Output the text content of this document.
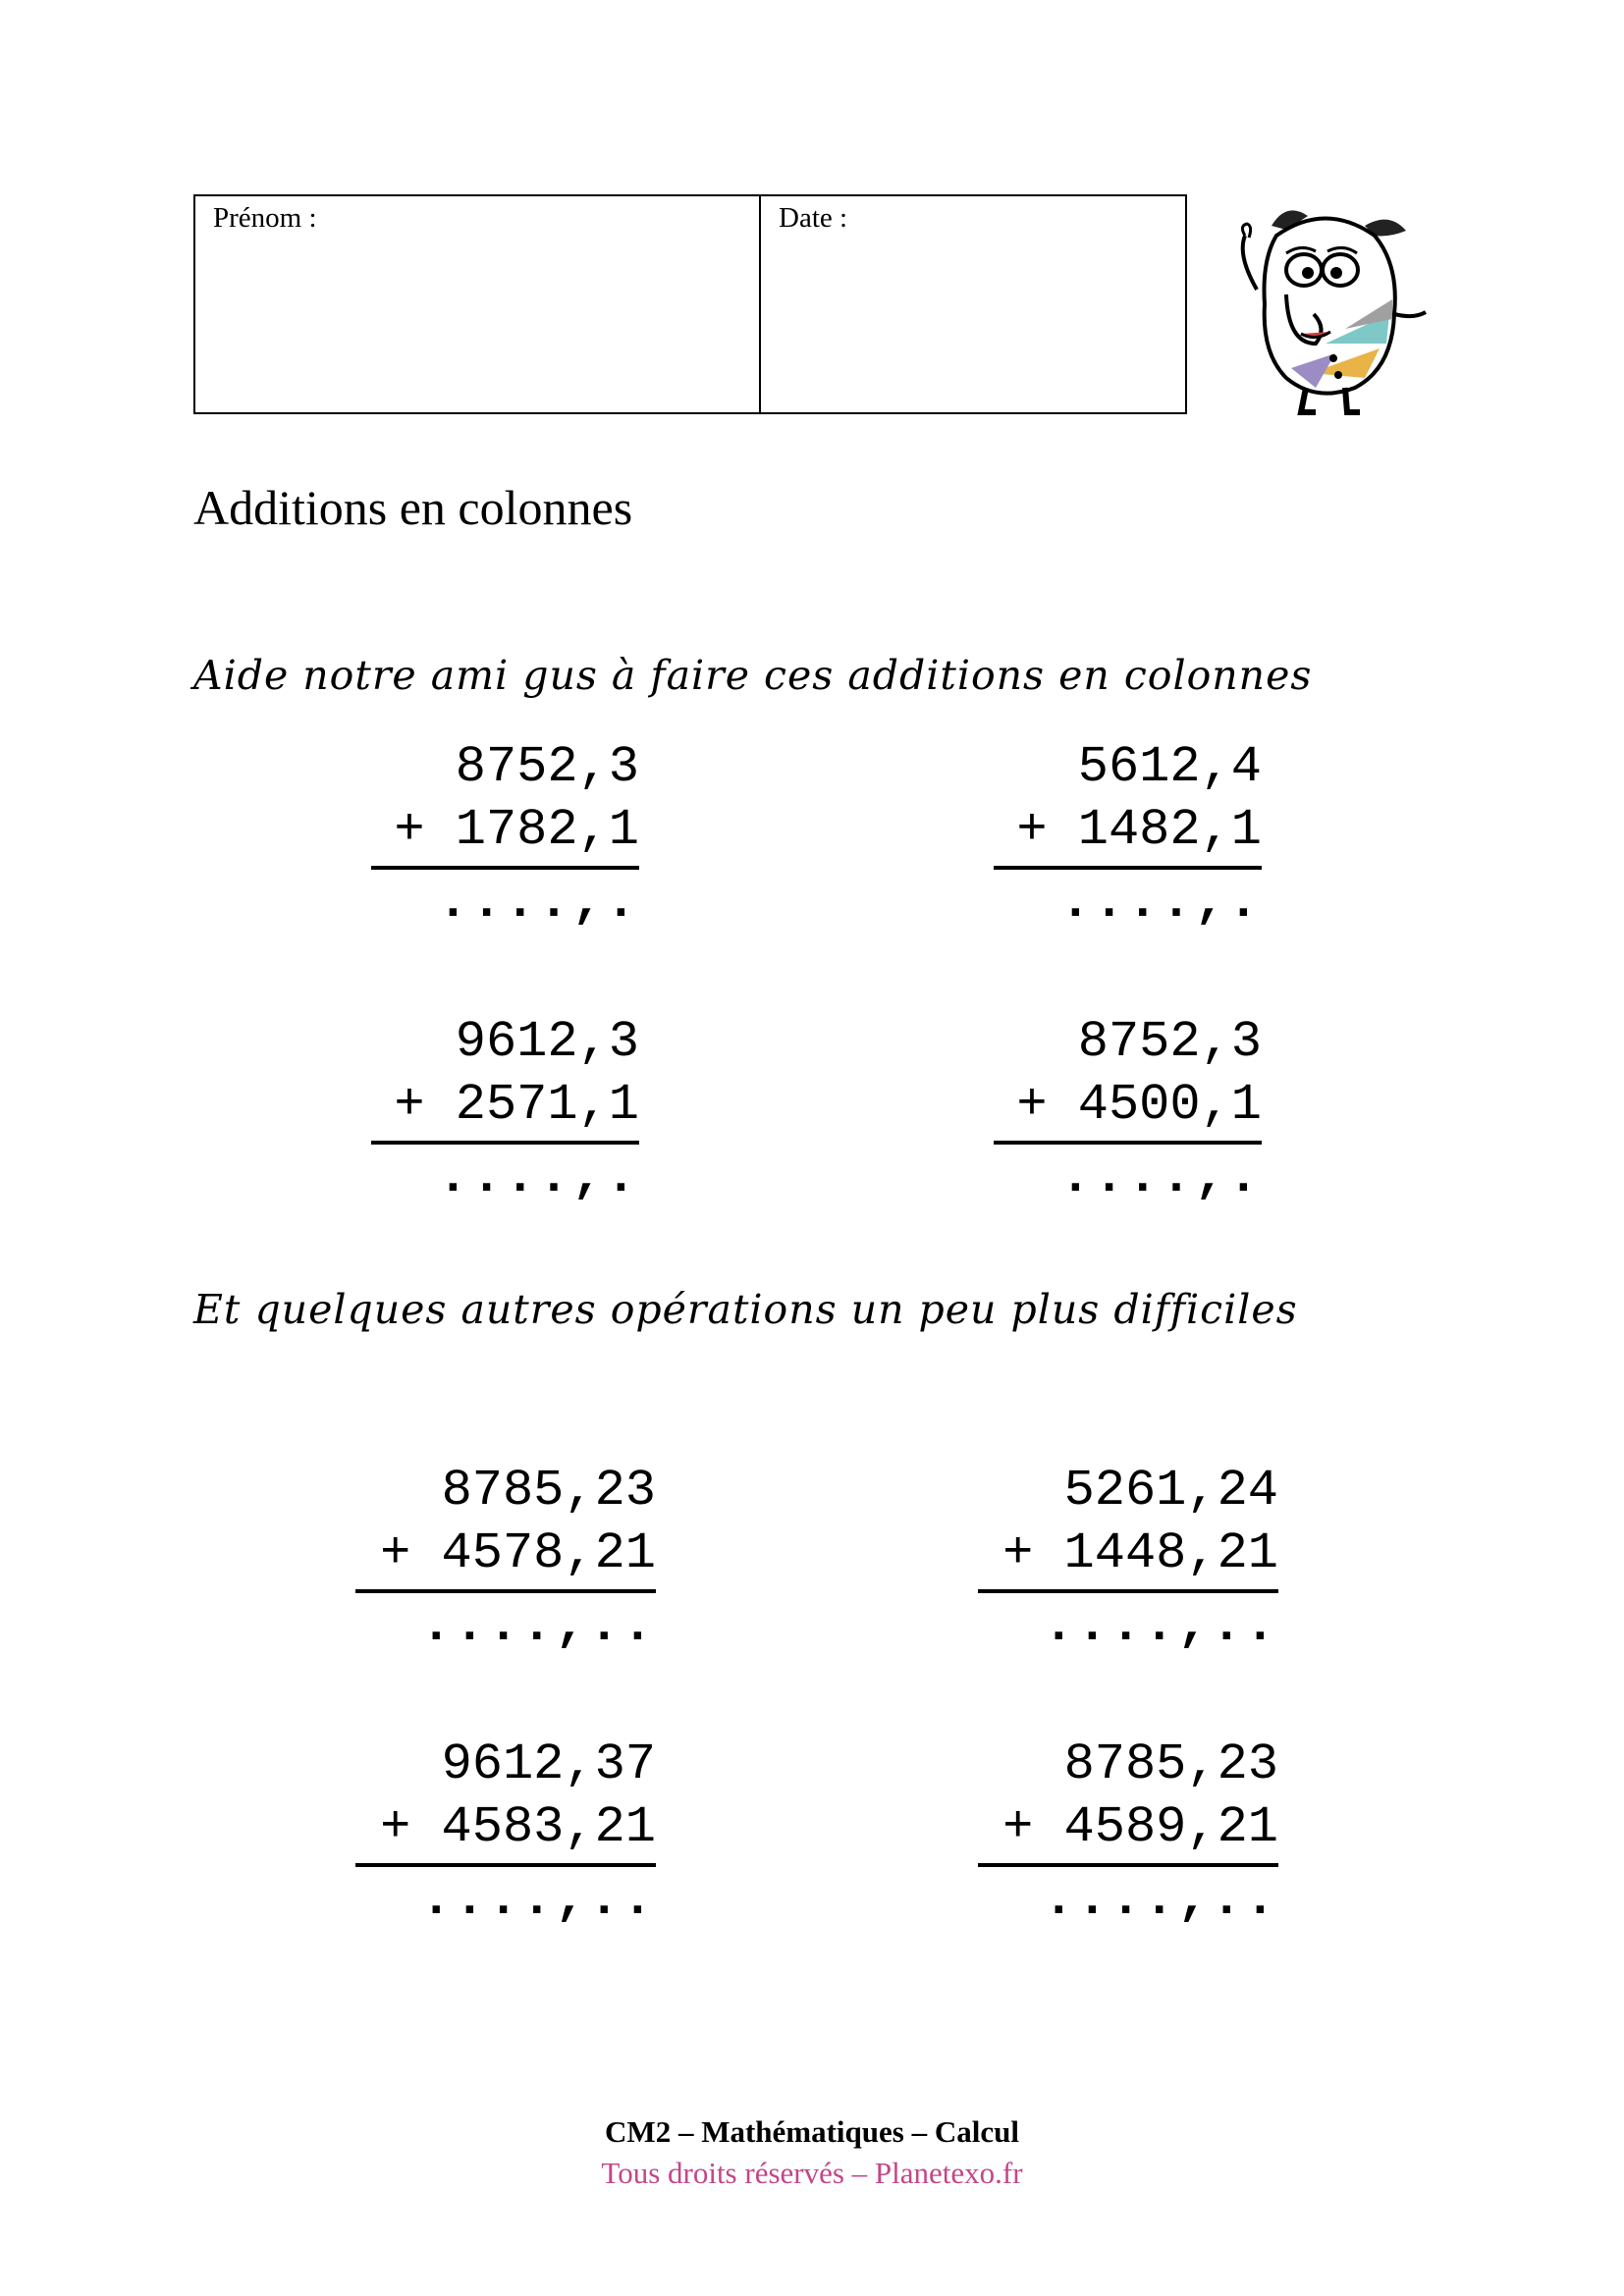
Prénom :	Date :
Additions en colonnes
Aide notre ami gus à faire ces additions en colonnes
8752,3
+ 1782,1
....,.
5612,4
+ 1482,1
....,.
9612,3
+ 2571,1
....,.
8752,3
+ 4500,1
....,.
Et quelques autres opérations un peu plus difficiles
8785,23
+ 4578,21
....,..
5261,24
+ 1448,21
....,..
9612,37
+ 4583,21
....,..
8785,23
+ 4589,21
....,..
CM2 – Mathématiques – Calcul
Tous droits réservés – Planetexo.fr
